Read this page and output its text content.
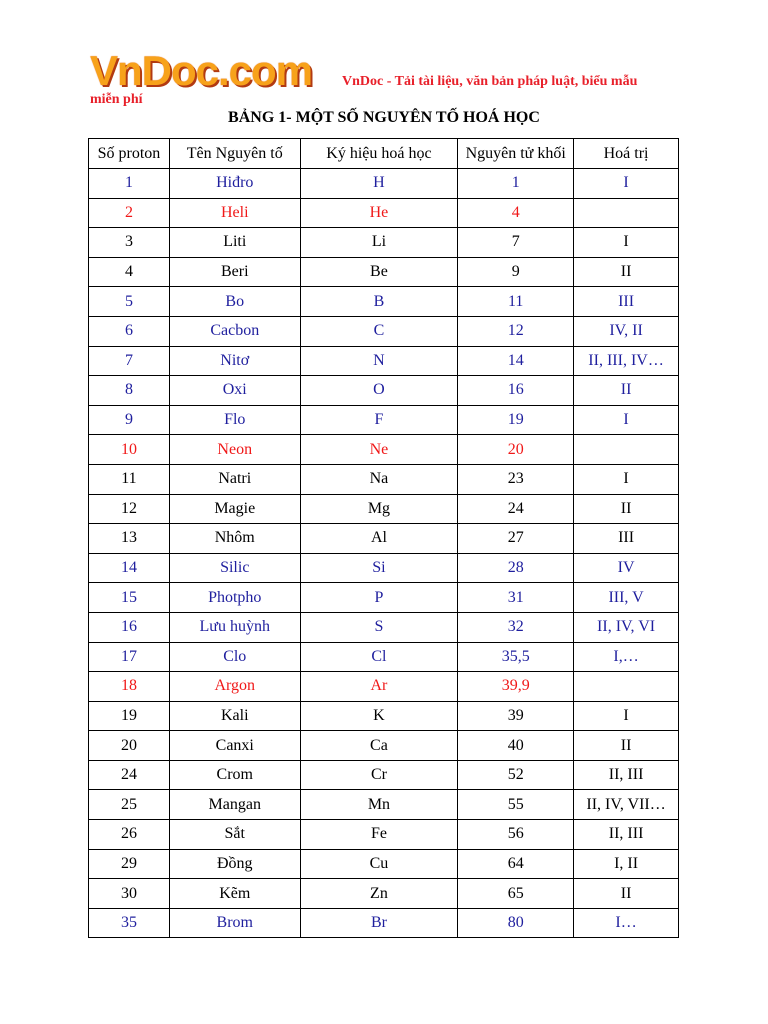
VnDoc.com VnDoc - Tải tài liệu, văn bản pháp luật, biểu mẫu
miễn phí
BẢNG 1- MỘT SỐ NGUYÊN TỐ HOÁ HỌC
Số proton	Tên Nguyên tố	Ký hiệu hoá học	Nguyên tử khối	Hoá trị
1	Hiđro	H	1	I
2	Heli	He	4	
3	Liti	Li	7	I
4	Beri	Be	9	II
5	Bo	B	11	III
6	Cacbon	C	12	IV, II
7	Nitơ	N	14	II, III, IV…
8	Oxi	O	16	II
9	Flo	F	19	I
10	Neon	Ne	20	
11	Natri	Na	23	I
12	Magie	Mg	24	II
13	Nhôm	Al	27	III
14	Silic	Si	28	IV
15	Photpho	P	31	III, V
16	Lưu huỳnh	S	32	II, IV, VI
17	Clo	Cl	35,5	I,…
18	Argon	Ar	39,9	
19	Kali	K	39	I
20	Canxi	Ca	40	II
24	Crom	Cr	52	II, III
25	Mangan	Mn	55	II, IV, VII…
26	Sắt	Fe	56	II, III
29	Đồng	Cu	64	I, II
30	Kẽm	Zn	65	II
35	Brom	Br	80	I…
